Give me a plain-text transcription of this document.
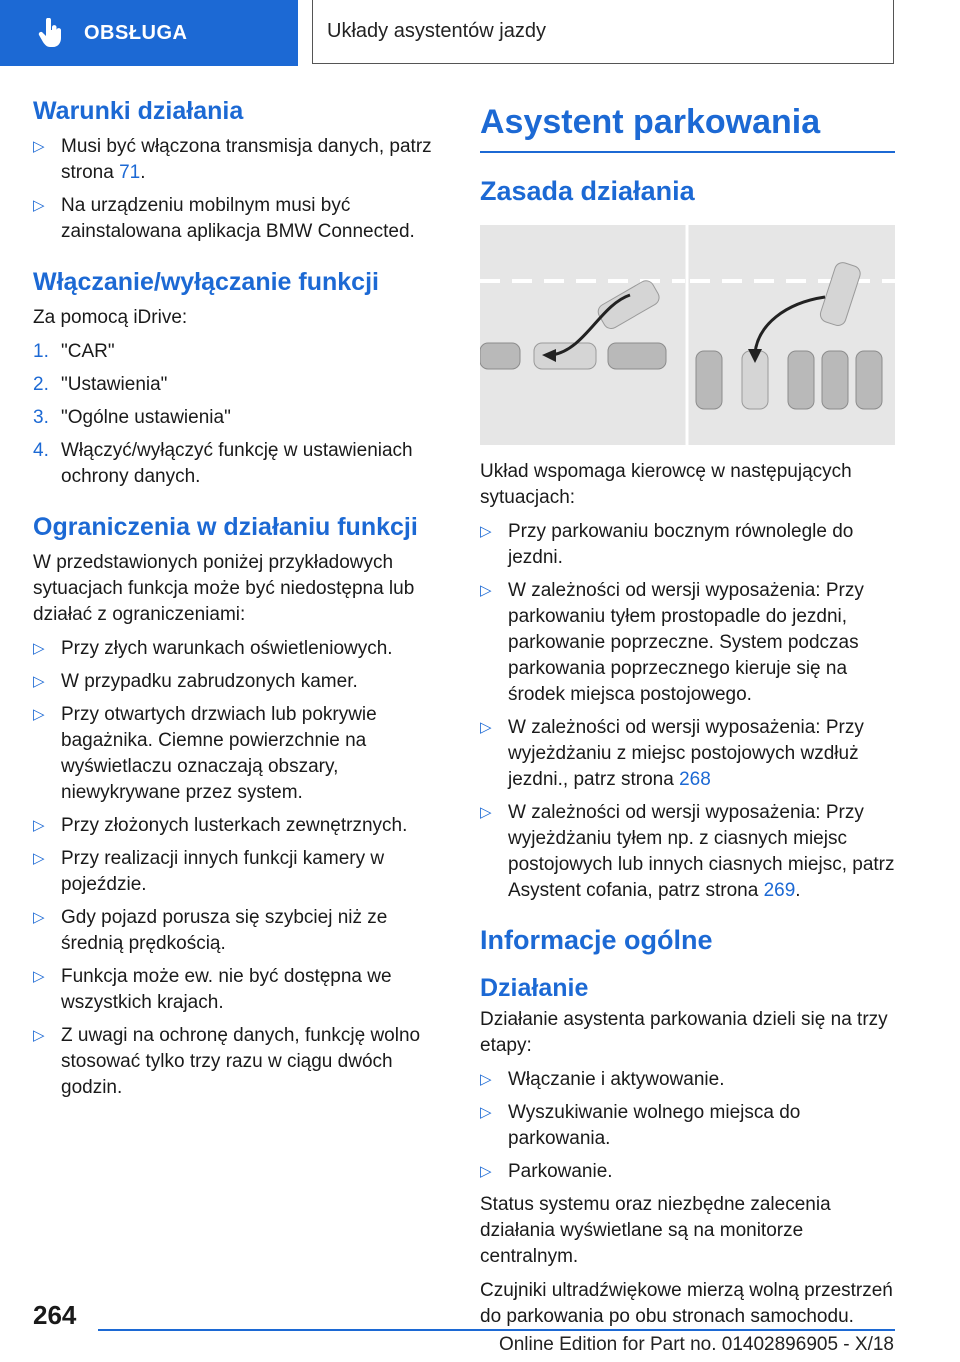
OBSŁUGA	Układy asystentów jazdy
Warunki działania
▷ Musi być włączona transmisja danych, patrz strona 71.
▷ Na urządzeniu mobilnym musi być zainstalowana aplikacja BMW Connected.
Włączanie/wyłączanie funkcji

Za pomocą iDrive:

1. "CAR"
2. "Ustawienia"
3. "Ogólne ustawienia"
4. Włączyć/wyłączyć funkcję w ustawieniach ochrony danych.
Ograniczenia w działaniu funkcji

W przedstawionych poniżej przykładowych sytuacjach funkcja może być niedostępna lub działać z ograniczeniami:

▷ Przy złych warunkach oświetleniowych.
▷ W przypadku zabrudzonych kamer.
▷ Przy otwartych drzwiach lub pokrywie bagażnika. Ciemne powierzchnie na wyświetlaczu oznaczają obszary, niewykrywane przez system.
▷ Przy złożonych lusterkach zewnętrznych.
▷ Przy realizacji innych funkcji kamery w pojeździe.
▷ Gdy pojazd porusza się szybciej niż ze średnią prędkością.
▷ Funkcja może ew. nie być dostępna we wszystkich krajach.
▷ Z uwagi na ochronę danych, funkcję wolno stosować tylko trzy razu w ciągu dwóch godzin.
Asystent parkowania
Zasada działania

Układ wspomaga kierowcę w następujących sytuacjach:

▷ Przy parkowaniu bocznym równolegle do jezdni.
▷ W zależności od wersji wyposażenia: Przy parkowaniu tyłem prostopadle do jezdni, parkowanie poprzeczne. System podczas parkowania poprzecznego kieruje się na środek miejsca postojowego.
▷ W zależności od wersji wyposażenia: Przy wyjeżdżaniu z miejsc postojowych wzdłuż jezdni., patrz strona 268
▷ W zależności od wersji wyposażenia: Przy wyjeżdżaniu tyłem np. z ciasnych miejsc postojowych lub innych ciasnych miejsc, patrz Asystent cofania, patrz strona 269.
Informacje ogólne
Działanie

Działanie asystenta parkowania dzieli się na trzy etapy:

▷ Włączanie i aktywowanie.
▷ Wyszukiwanie wolnego miejsca do parkowania.
▷ Parkowanie.

Status systemu oraz niezbędne zalecenia działania wyświetlane są na monitorze centralnym.

Czujniki ultradźwiękowe mierzą wolną przestrzeń do parkowania po obu stronach samochodu.

264
Online Edition for Part no. 01402896905 - X/18
